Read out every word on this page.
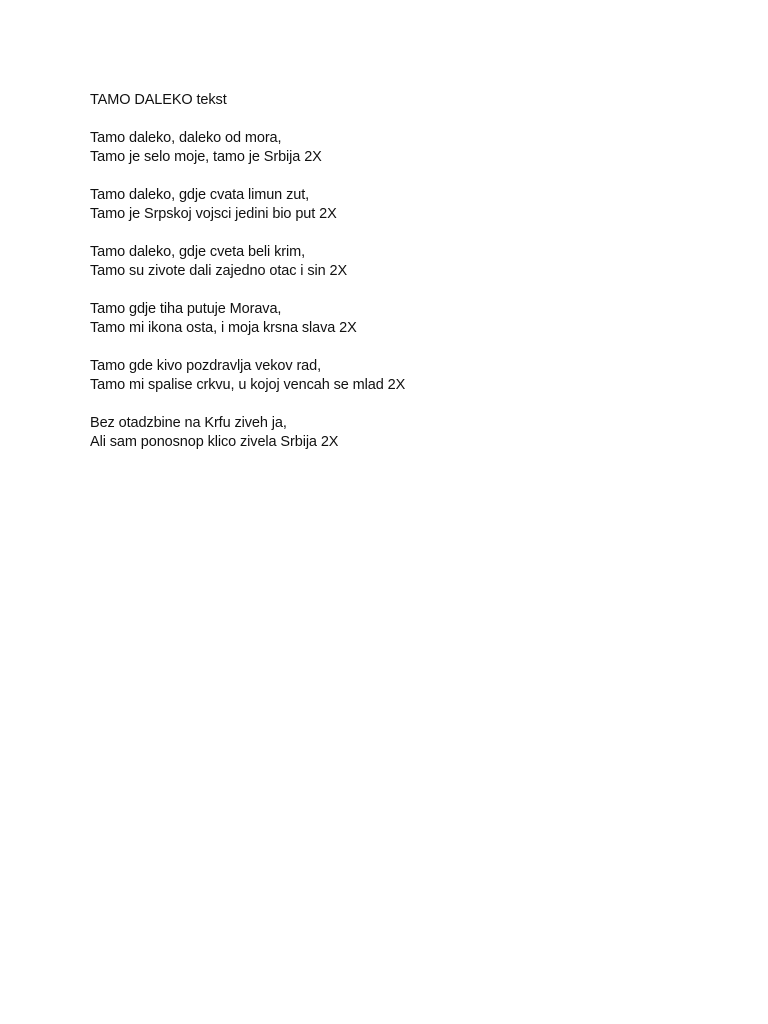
TAMO DALEKO tekst
Tamo daleko, daleko od mora,
Tamo je selo moje, tamo je Srbija 2X
Tamo daleko, gdje cvata limun zut,
Tamo je Srpskoj vojsci jedini bio put 2X
Tamo daleko, gdje cveta beli krim,
Tamo su zivote dali zajedno otac i sin 2X
Tamo gdje tiha putuje Morava,
Tamo mi ikona osta, i moja krsna slava 2X
Tamo gde kivo pozdravlja vekov rad,
Tamo mi spalise crkvu, u kojoj vencah se mlad 2X
Bez otadzbine na Krfu ziveh ja,
Ali sam ponosnop klico zivela Srbija 2X
